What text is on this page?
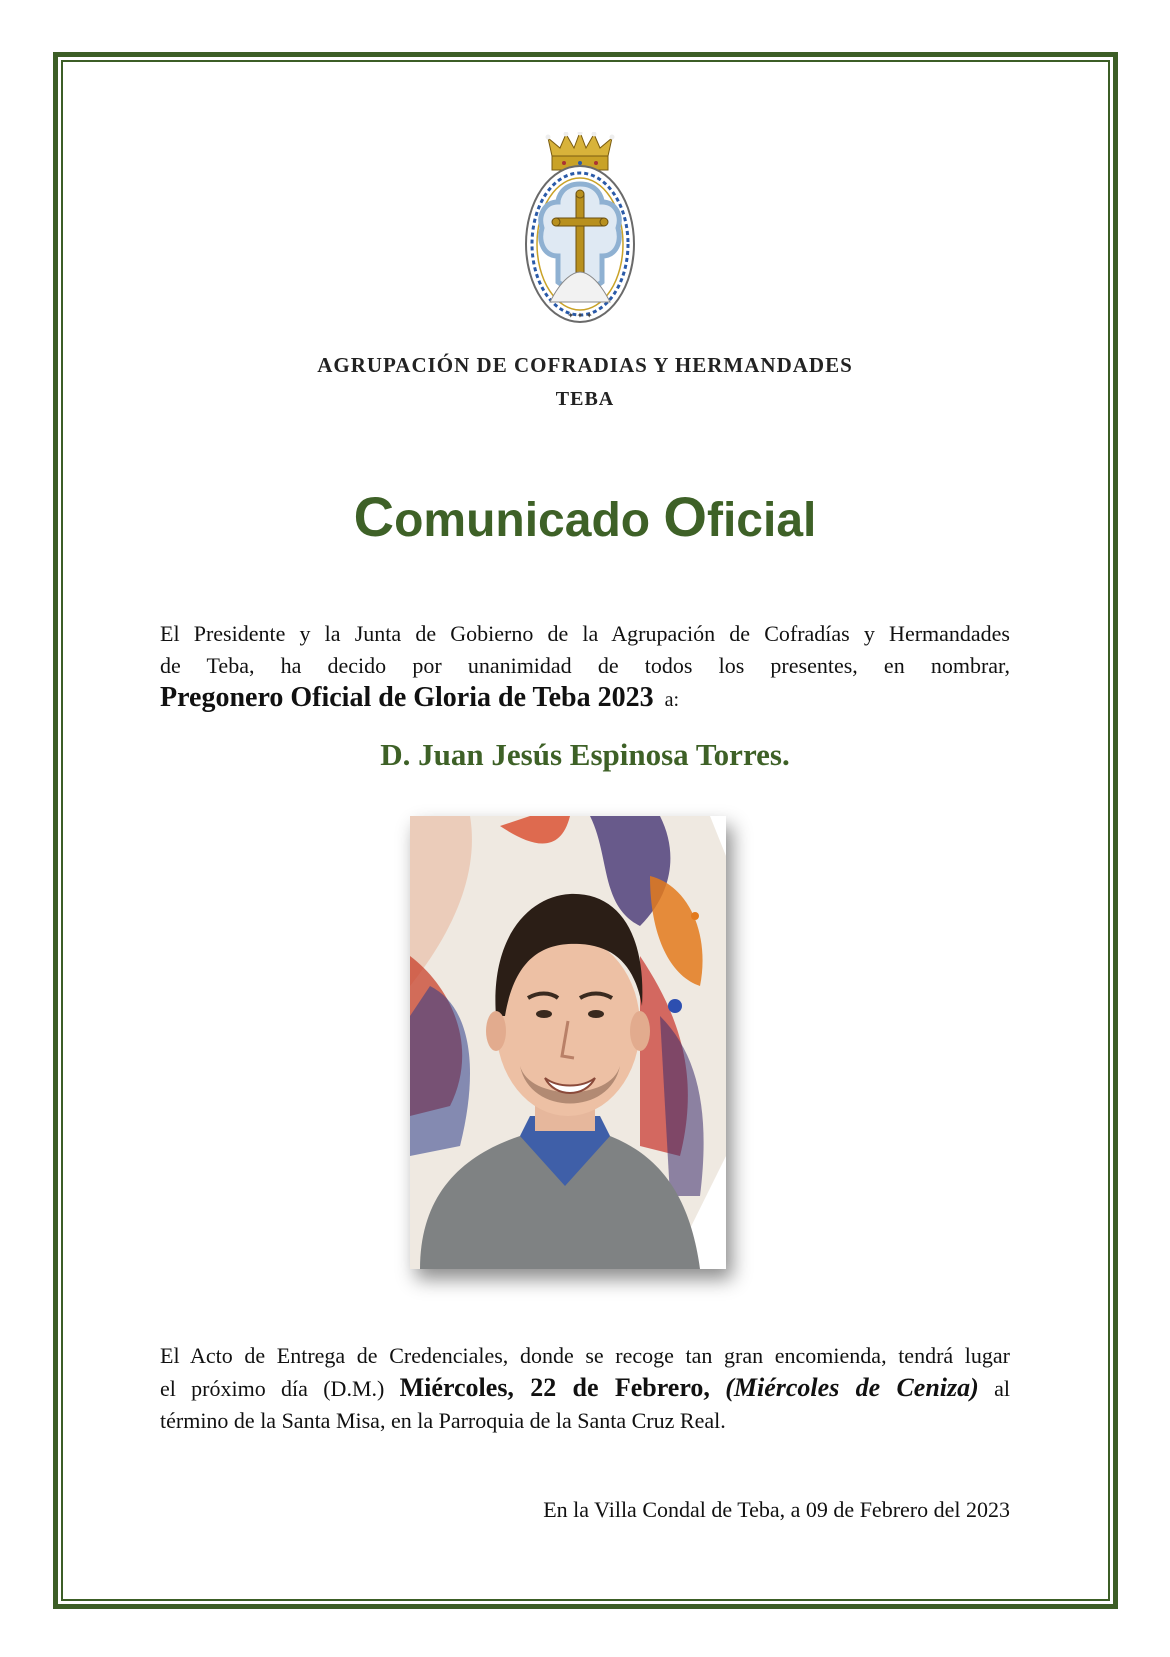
✦ ✦ ✦
AGRUPACIÓN DE COFRADIAS Y HERMANDADES
TEBA
Comunicado Oficial
El Presidente y la Junta de Gobierno de la Agrupación de Cofradías y Hermandades
de Teba, ha decido por unanimidad de todos los presentes, en nombrar,
Pregonero Oficial de Gloria de Teba 2023 a:
D. Juan Jesús Espinosa Torres.
El Acto de Entrega de Credenciales, donde se recoge tan gran encomienda, tendrá lugar
el próximo día (D.M.) Miércoles, 22 de Febrero, (Miércoles de Ceniza) al
término de la Santa Misa, en la Parroquia de la Santa Cruz Real.
En la Villa Condal de Teba, a 09 de Febrero del 2023
